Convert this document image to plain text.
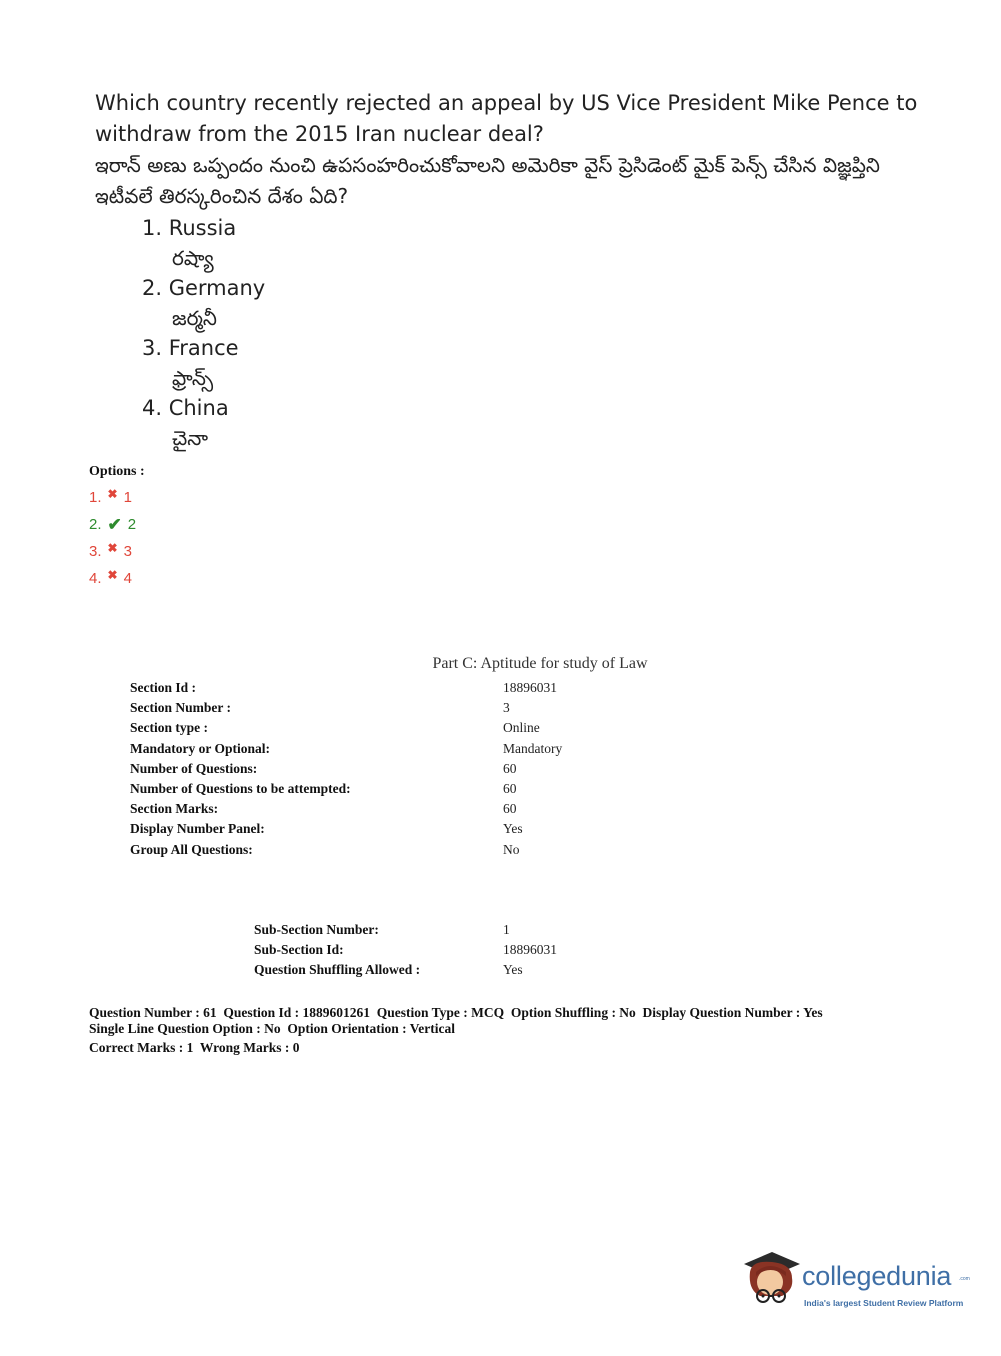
Which country recently rejected an appeal by US Vice President Mike Pence to withdraw from the 2015 Iran nuclear deal?
ఇరాన్ అణు ఒప్పందం నుంచి ఉపసంహరించుకోవాలని అమెరికా వైస్ ప్రెసిడెంట్ మైక్ పెన్స్ చేసిన విజ్ఞప్తిని ఇటీవలే తిరస్కరించిన దేశం ఏది?
1. Russia
రష్యా
2. Germany
జర్మనీ
3. France
ఫ్రాన్స్
4. China
చైనా
Options :
1. ✖ 1
2. ✔ 2
3. ✖ 3
4. ✖ 4
Part C: Aptitude for study of Law
Section Id :	18896031
Section Number :	3
Section type :	Online
Mandatory or Optional:	Mandatory
Number of Questions:	60
Number of Questions to be attempted:	60
Section Marks:	60
Display Number Panel:	Yes
Group All Questions:	No
Sub-Section Number:	1
Sub-Section Id:	18896031
Question Shuffling Allowed :	Yes
Question Number : 61  Question Id : 1889601261  Question Type : MCQ  Option Shuffling : No  Display Question Number : Yes
Single Line Question Option : No  Option Orientation : Vertical
Correct Marks : 1  Wrong Marks : 0
collegedunia .com
India's largest Student Review Platform
